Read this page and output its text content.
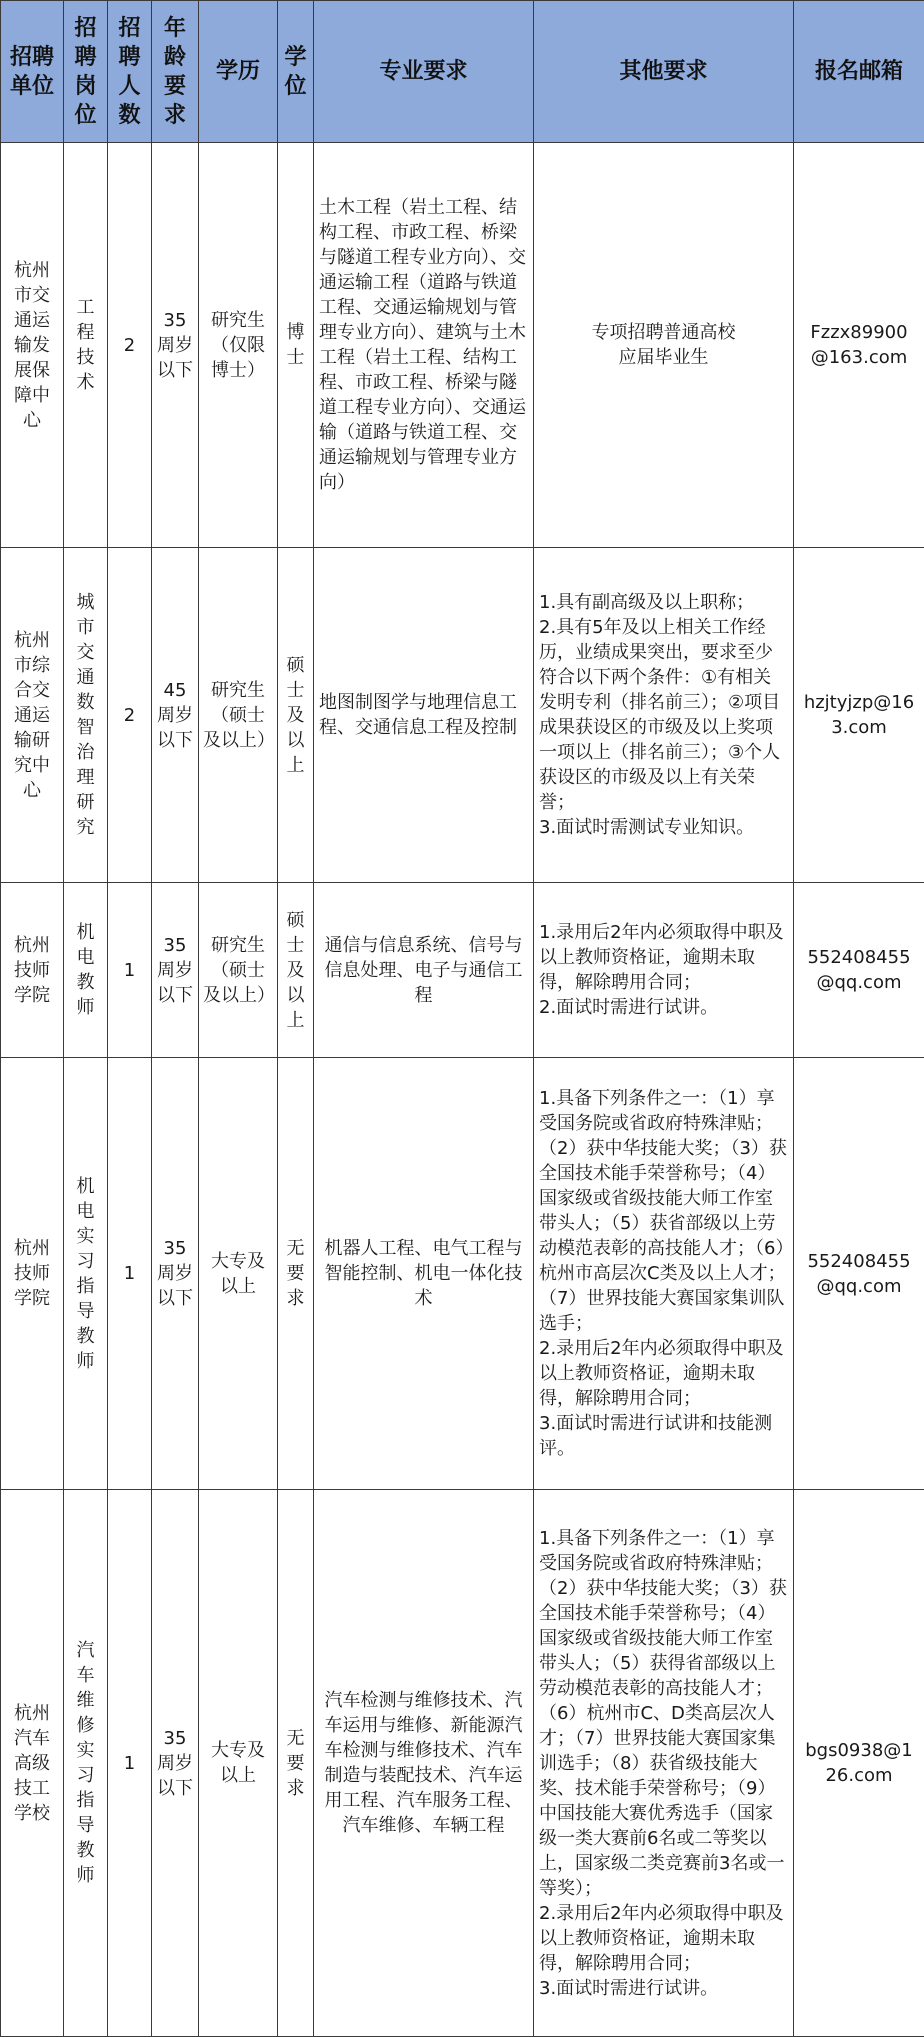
招聘单位	招聘岗位	招聘人数	年龄要求	学历	学位	专业要求	其他要求	报名邮箱
杭州市交通运输发展保障中心	工程技术	2	35周岁以下	研究生（仅限博士）	博士	土木工程（岩土工程、结构工程、市政工程、桥梁与隧道工程专业方向）、交通运输工程（道路与铁道工程、交通运输规划与管理专业方向）、建筑与土木工程（岩土工程、结构工程、市政工程、桥梁与隧道工程专业方向）、交通运输（道路与铁道工程、交通运输规划与管理专业方向）	专项招聘普通高校应届毕业生	Fzzx89900@163.com
杭州市综合交通运输研究中心	城市交通数智治理研究	2	45周岁以下	研究生（硕士及以上）	硕士及以上	地图制图学与地理信息工程、交通信息工程及控制	1.具有副高级及以上职称；
2.具有5年及以上相关工作经历，业绩成果突出，要求至少符合以下两个条件：①有相关发明专利（排名前三）；②项目成果获设区的市级及以上奖项一项以上（排名前三）；③个人获设区的市级及以上有关荣誉；
3.面试时需测试专业知识。	hzjtyjzp@163.com
杭州技师学院	机电教师	1	35周岁以下	研究生（硕士及以上）	硕士及以上	通信与信息系统、信号与信息处理、电子与通信工程	1.录用后2年内必须取得中职及以上教师资格证，逾期未取得，解除聘用合同；
2.面试时需进行试讲。	552408455@qq.com
杭州技师学院	机电实习指导教师	1	35周岁以下	大专及以上	无要求	机器人工程、电气工程与智能控制、机电一体化技术	1.具备下列条件之一：（1）享受国务院或省政府特殊津贴；（2）获中华技能大奖；（3）获全国技术能手荣誉称号；（4）国家级或省级技能大师工作室带头人；（5）获省部级以上劳动模范表彰的高技能人才；（6）杭州市高层次C类及以上人才；（7）世界技能大赛国家集训队选手；
2.录用后2年内必须取得中职及以上教师资格证，逾期未取得，解除聘用合同；
3.面试时需进行试讲和技能测评。	552408455@qq.com
杭州汽车高级技工学校	汽车维修实习指导教师	1	35周岁以下	大专及以上	无要求	汽车检测与维修技术、汽车运用与维修、新能源汽车检测与维修技术、汽车制造与装配技术、汽车运用工程、汽车服务工程、汽车维修、车辆工程	1.具备下列条件之一：（1）享受国务院或省政府特殊津贴；（2）获中华技能大奖；（3）获全国技术能手荣誉称号；（4）国家级或省级技能大师工作室带头人；（5）获得省部级以上劳动模范表彰的高技能人才；（6）杭州市C、D类高层次人才；（7）世界技能大赛国家集训选手；（8）获省级技能大奖、技术能手荣誉称号；（9）中国技能大赛优秀选手（国家级一类大赛前6名或二等奖以上，国家级二类竞赛前3名或一等奖）；
2.录用后2年内必须取得中职及以上教师资格证，逾期未取得，解除聘用合同；
3.面试时需进行试讲。	bgs0938@126.com
